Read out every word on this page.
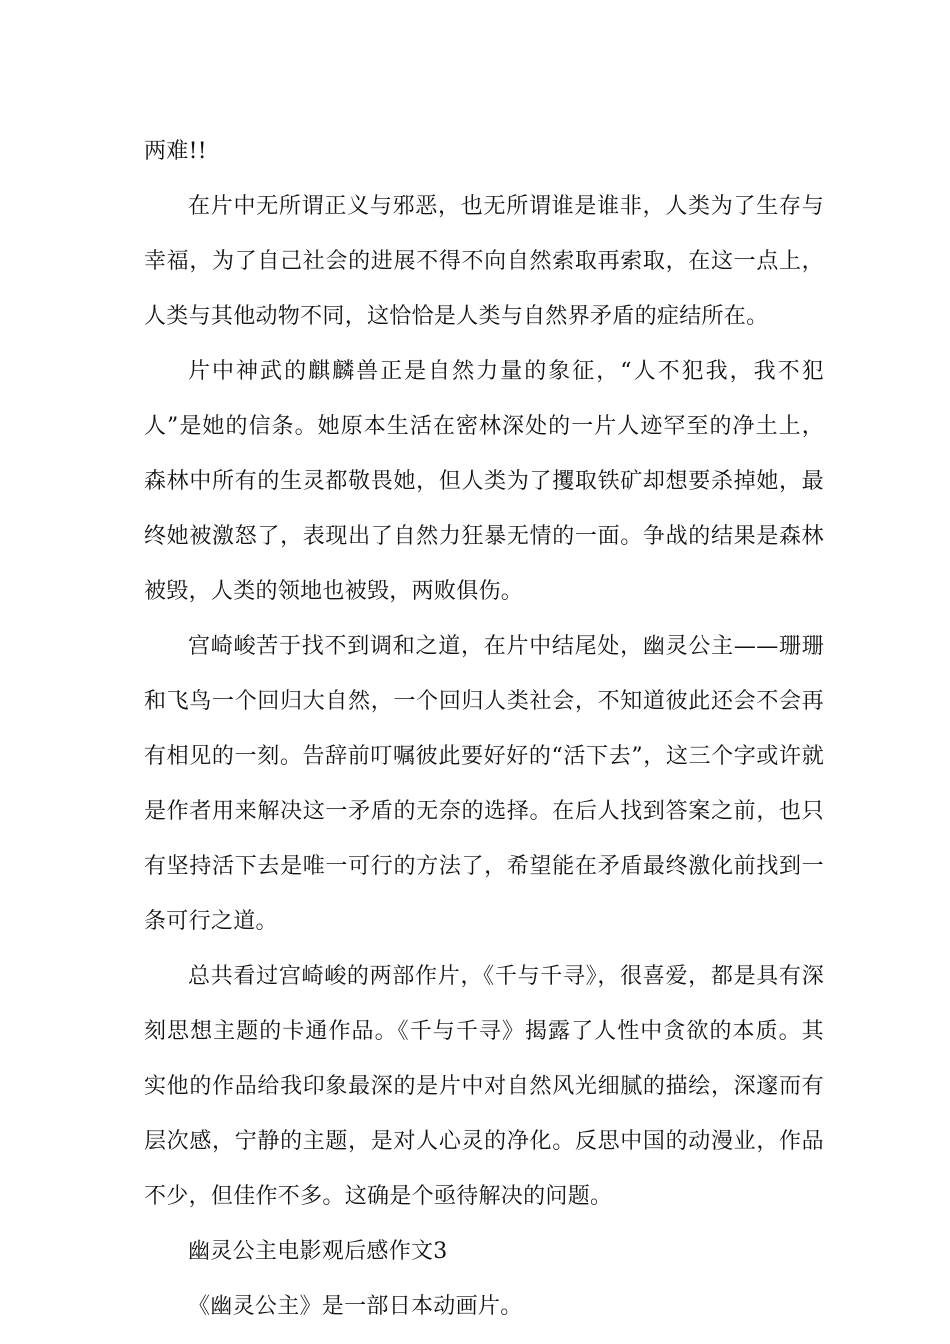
两难!!

在片中无所谓正义与邪恶，也无所谓谁是谁非，人类为了生存与幸福，为了自己社会的进展不得不向自然索取再索取，在这一点上，人类与其他动物不同，这恰恰是人类与自然界矛盾的症结所在。

片中神武的麒麟兽正是自然力量的象征，“人不犯我，我不犯人”是她的信条。她原本生活在密林深处的一片人迹罕至的净土上，森林中所有的生灵都敬畏她，但人类为了攫取铁矿却想要杀掉她，最终她被激怒了，表现出了自然力狂暴无情的一面。争战的结果是森林被毁，人类的领地也被毁，两败俱伤。

宫崎峻苦于找不到调和之道，在片中结尾处，幽灵公主——珊珊和飞鸟一个回归大自然，一个回归人类社会，不知道彼此还会不会再有相见的一刻。告辞前叮嘱彼此要好好的“活下去”，这三个字或许就是作者用来解决这一矛盾的无奈的选择。在后人找到答案之前，也只有坚持活下去是唯一可行的方法了，希望能在矛盾最终激化前找到一条可行之道。

总共看过宫崎峻的两部作片，《千与千寻》，很喜爱，都是具有深刻思想主题的卡通作品。《千与千寻》揭露了人性中贪欲的本质。其实他的作品给我印象最深的是片中对自然风光细腻的描绘，深邃而有层次感，宁静的主题，是对人心灵的净化。反思中国的动漫业，作品不少，但佳作不多。这确是个亟待解决的问题。

幽灵公主电影观后感作文3

《幽灵公主》是一部日本动画片。
